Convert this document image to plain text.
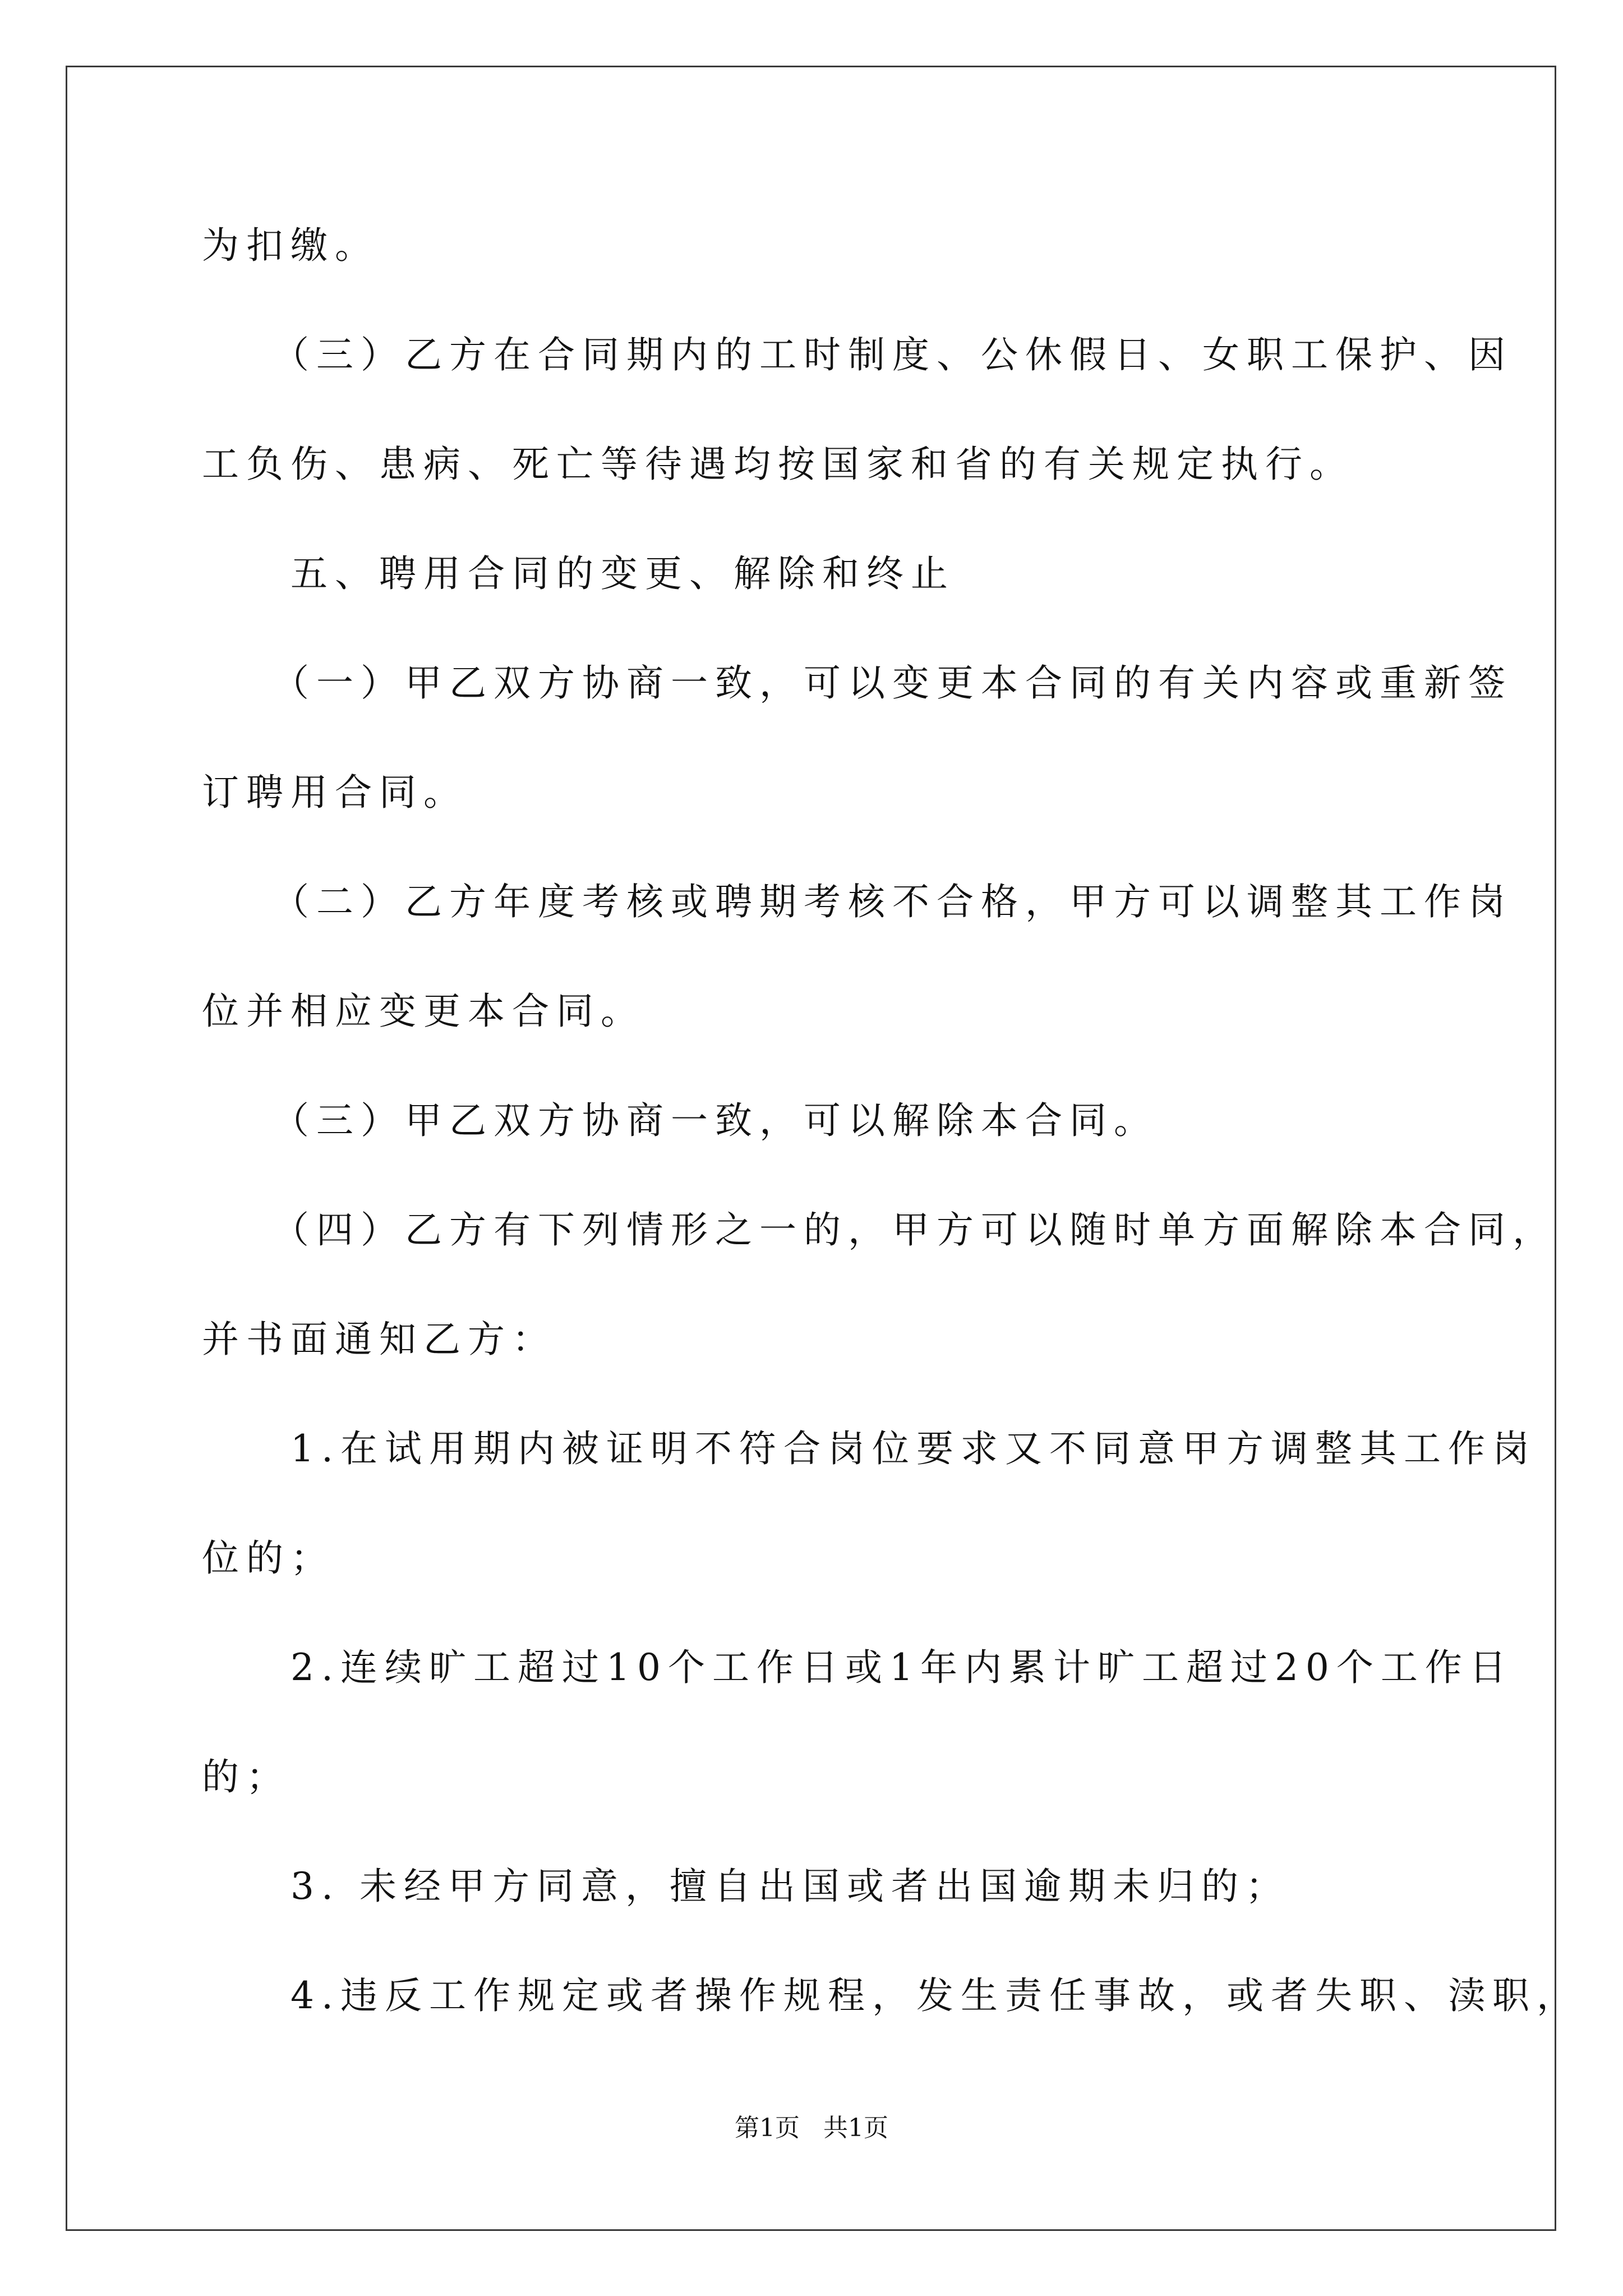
为扣缴。
　　（三）乙方在合同期内的工时制度、公休假日、女职工保护、因
工负伤、患病、死亡等待遇均按国家和省的有关规定执行。
　　五、聘用合同的变更、解除和终止
　　（一）甲乙双方协商一致，可以变更本合同的有关内容或重新签
订聘用合同。
　　（二）乙方年度考核或聘期考核不合格，甲方可以调整其工作岗
位并相应变更本合同。
　　（三）甲乙双方协商一致，可以解除本合同。
　　（四）乙方有下列情形之一的，甲方可以随时单方面解除本合同，
并书面通知乙方：
　　1.在试用期内被证明不符合岗位要求又不同意甲方调整其工作岗
位的；
　　2.连续旷工超过10个工作日或1年内累计旷工超过20个工作日
的；
　　3. 未经甲方同意，擅自出国或者出国逾期未归的；
　　4.违反工作规定或者操作规程，发生责任事故，或者失职、渎职，
第1页   共1页
